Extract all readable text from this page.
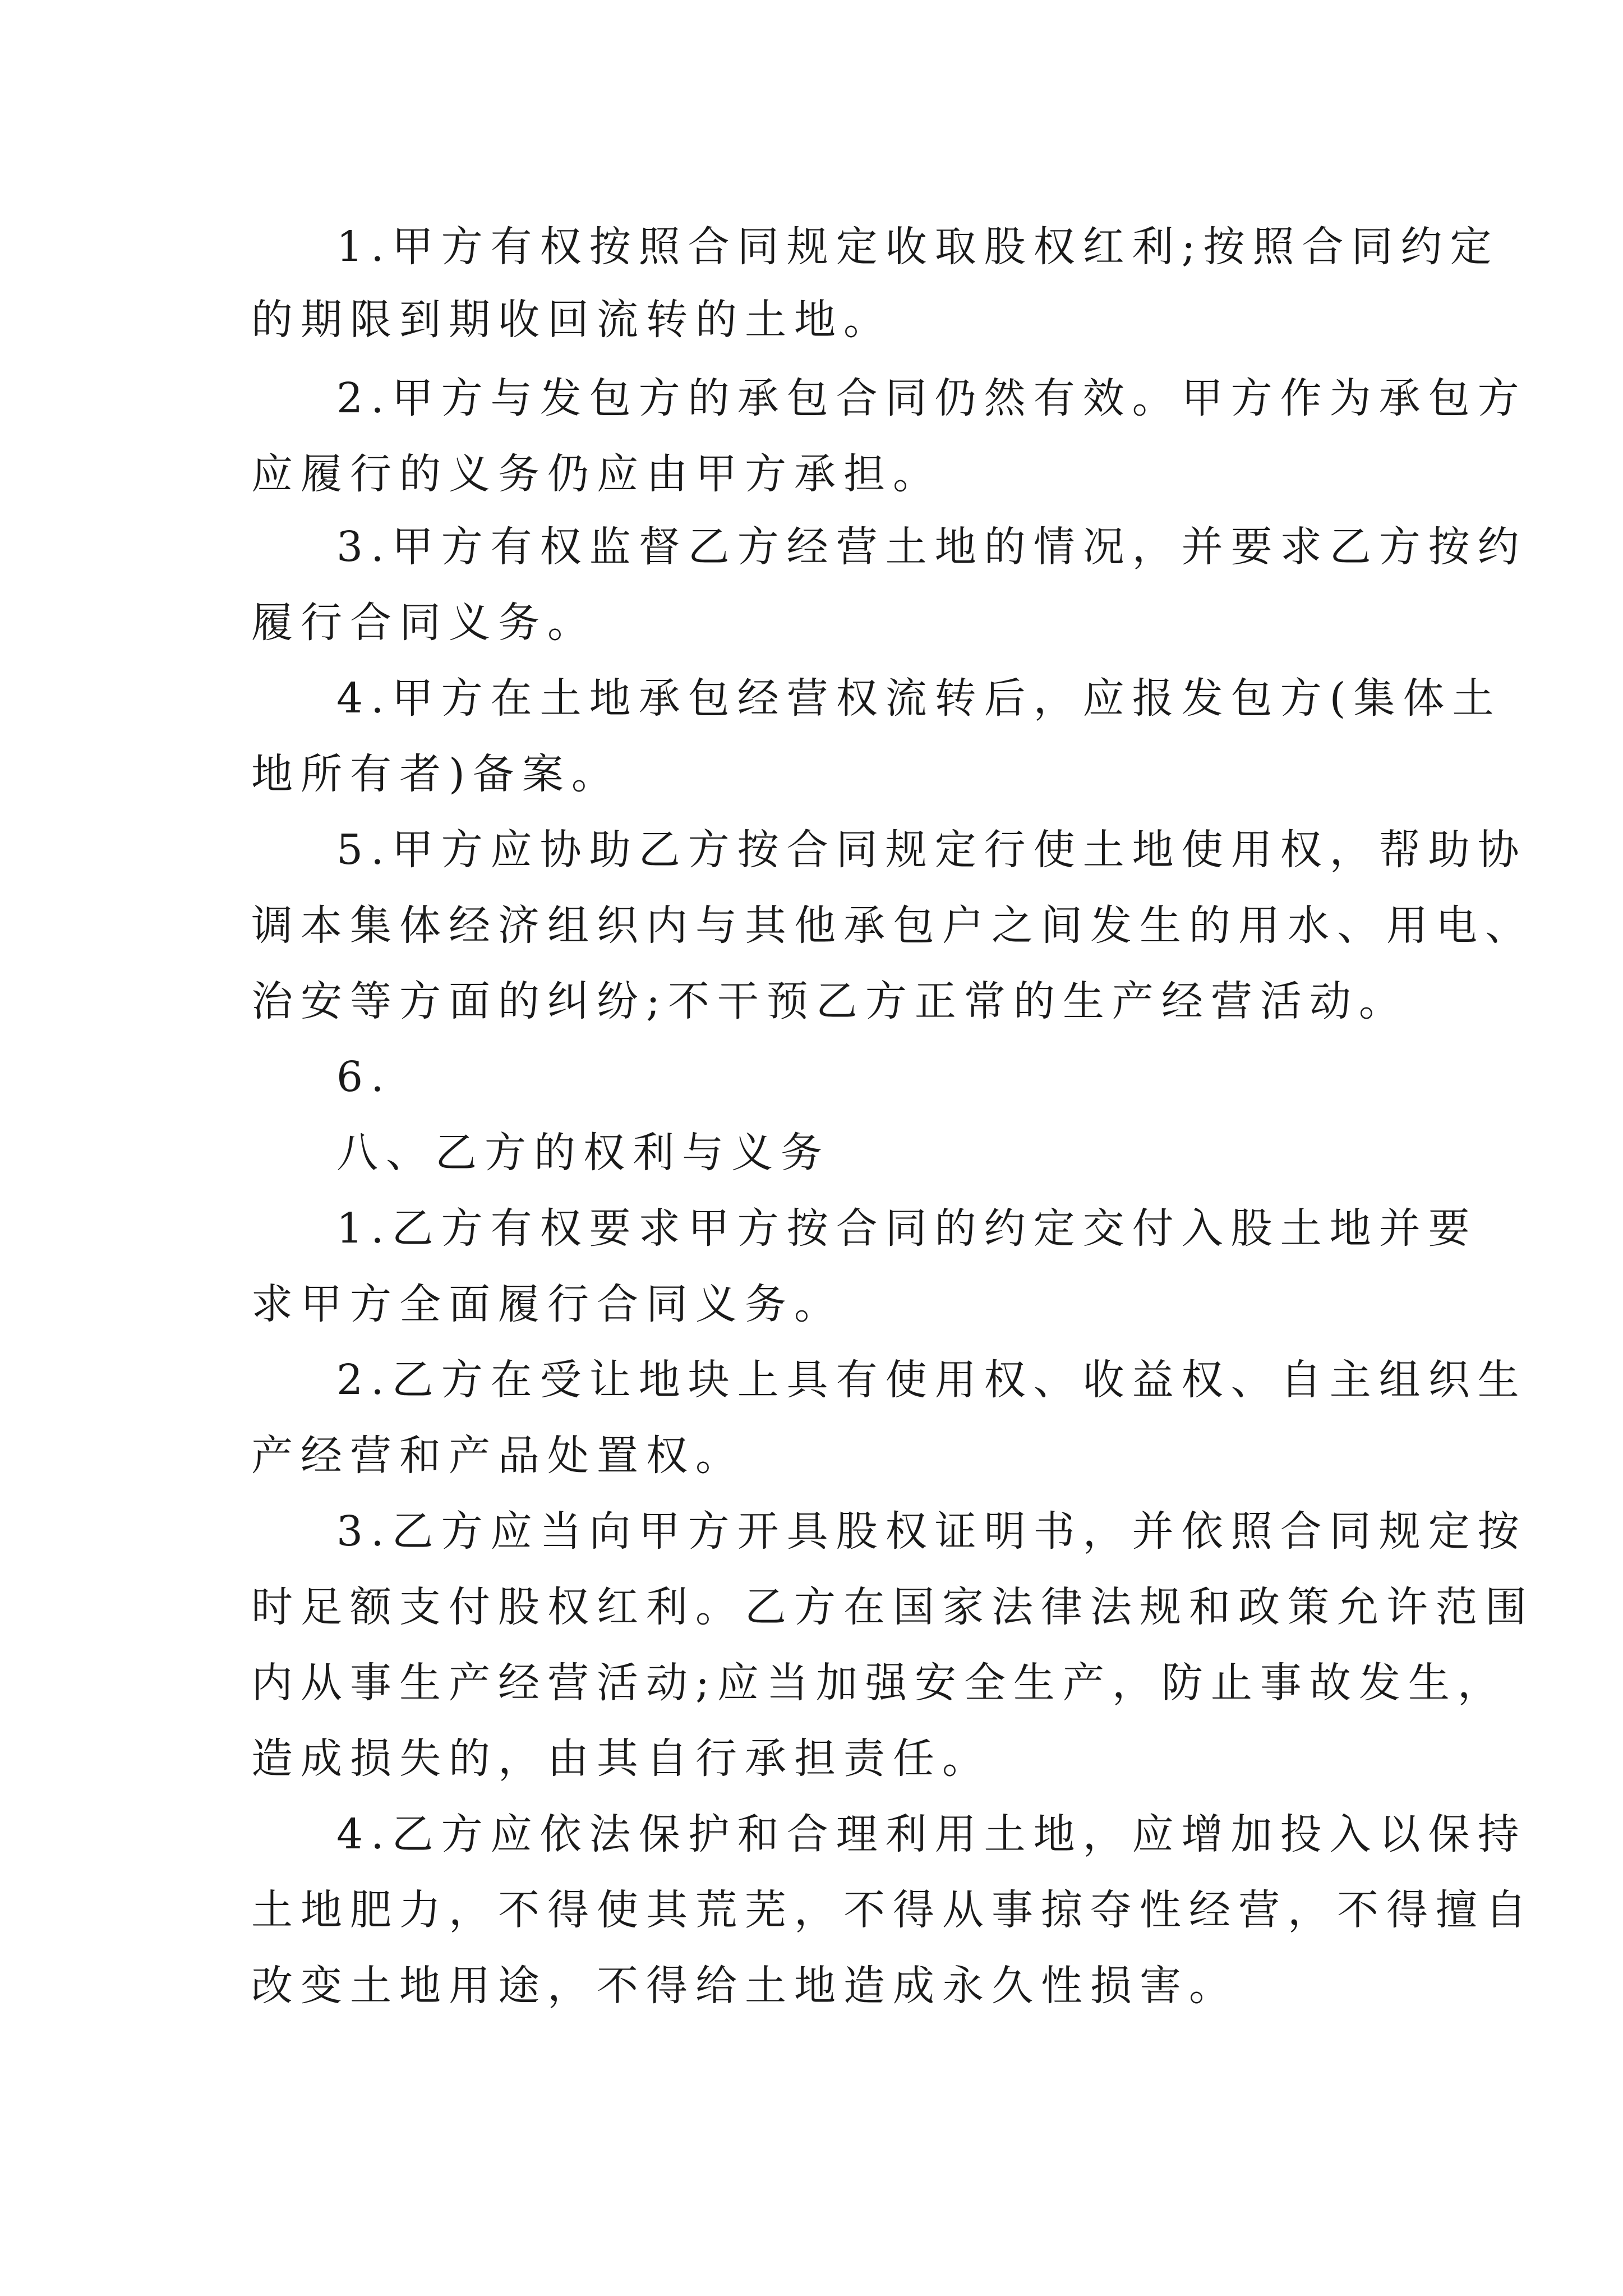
1.甲方有权按照合同规定收取股权红利;按照合同约定

的期限到期收回流转的土地。

2.甲方与发包方的承包合同仍然有效。甲方作为承包方

应履行的义务仍应由甲方承担。

3.甲方有权监督乙方经营土地的情况，并要求乙方按约

履行合同义务。

4.甲方在土地承包经营权流转后，应报发包方(集体土

地所有者)备案。

5.甲方应协助乙方按合同规定行使土地使用权，帮助协

调本集体经济组织内与其他承包户之间发生的用水、用电、

治安等方面的纠纷;不干预乙方正常的生产经营活动。

6.

八、乙方的权利与义务

1.乙方有权要求甲方按合同的约定交付入股土地并要

求甲方全面履行合同义务。

2.乙方在受让地块上具有使用权、收益权、自主组织生

产经营和产品处置权。

3.乙方应当向甲方开具股权证明书，并依照合同规定按

时足额支付股权红利。乙方在国家法律法规和政策允许范围

内从事生产经营活动;应当加强安全生产，防止事故发生，

造成损失的，由其自行承担责任。

4.乙方应依法保护和合理利用土地，应增加投入以保持

土地肥力，不得使其荒芜，不得从事掠夺性经营，不得擅自

改变土地用途，不得给土地造成永久性损害。
